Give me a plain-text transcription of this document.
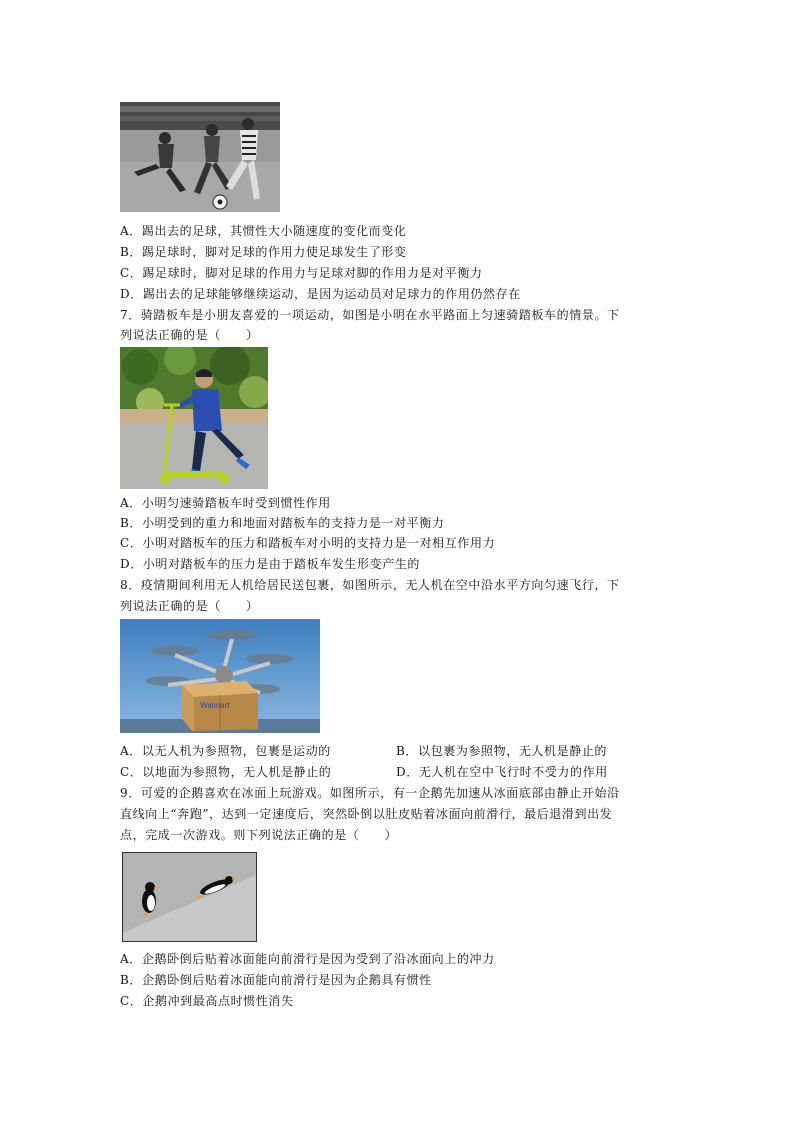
A．踢出去的足球，其惯性大小随速度的变化而变化
B．踢足球时，脚对足球的作用力使足球发生了形变
C．踢足球时，脚对足球的作用力与足球对脚的作用力是对平衡力
D．踢出去的足球能够继续运动，是因为运动员对足球力的作用仍然存在
7．骑踏板车是小朋友喜爱的一项运动，如图是小明在水平路面上匀速骑踏板车的情景。下
列说法正确的是（　　）
A．小明匀速骑踏板车时受到惯性作用
B．小明受到的重力和地面对踏板车的支持力是一对平衡力
C．小明对踏板车的压力和踏板车对小明的支持力是一对相互作用力
D．小明对踏板车的压力是由于踏板车发生形变产生的
8．疫情期间利用无人机给居民送包裹，如图所示，无人机在空中沿水平方向匀速飞行，下
列说法正确的是（　　）
Walmart
A．以无人机为参照物，包裹是运动的	B．以包裹为参照物，无人机是静止的
C．以地面为参照物，无人机是静止的	D．无人机在空中飞行时不受力的作用
9．可爱的企鹅喜欢在冰面上玩游戏。如图所示，有一企鹅先加速从冰面底部由静止开始沿
直线向上“奔跑”，达到一定速度后，突然卧倒以肚皮贴着冰面向前滑行，最后退滑到出发
点，完成一次游戏。则下列说法正确的是（　　）
A．企鹅卧倒后贴着冰面能向前滑行是因为受到了沿冰面向上的冲力
B．企鹅卧倒后贴着冰面能向前滑行是因为企鹅具有惯性
C．企鹅冲到最高点时惯性消失
